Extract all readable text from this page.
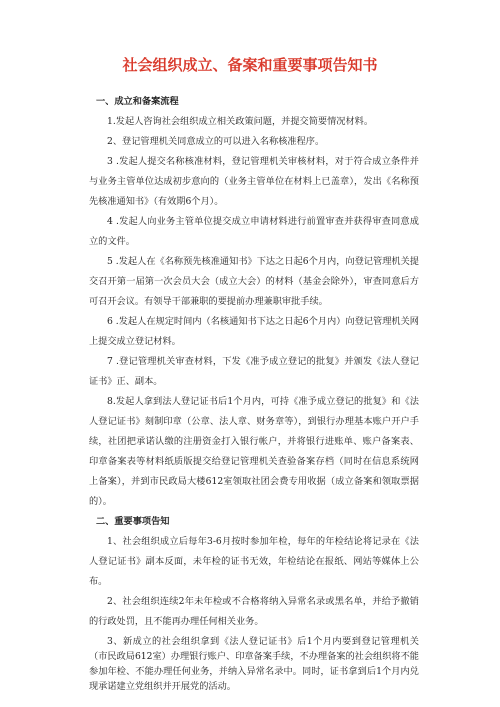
社会组织成立、备案和重要事项告知书
一、成立和备案流程

1.发起人咨询社会组织成立相关政策问题，并提交简要情况材料。

2、登记管理机关同意成立的可以进入名称核准程序。

3 .发起人提交名称核准材料，登记管理机关审核材料，对于符合成立条件并与业务主管单位达成初步意向的（业务主管单位在材料上已盖章），发出《名称预先核准通知书》（有效期6个月）。

4 .发起人向业务主管单位提交成立申请材料进行前置审查并获得审查同意成立的文件。

5 .发起人在《名称预先核准通知书》下达之日起6个月内，向登记管理机关提交召开第一届第一次会员大会（成立大会）的材料（基金会除外），审查同意后方可召开会议。有领导干部兼职的要提前办理兼职审批手续。

6 .发起人在规定时间内（名核通知书下达之日起6个月内）向登记管理机关网上提交成立登记材料。

7 .登记管理机关审查材料，下发《准予成立登记的批复》并颁发《法人登记证书》正、副本。

8.发起人拿到法人登记证书后1个月内，可持《准予成立登记的批复》和《法人登记证书》刻制印章（公章、法人章、财务章等），到银行办理基本账户开户手续，社团把承诺认缴的注册资金打入银行帐户，并将银行进账单、账户备案表、印章备案表等材料纸质版提交给登记管理机关查验备案存档（同时在信息系统网上备案），并到市民政局大楼612室领取社团会费专用收据（成立备案和领取票据的）。

二、重要事项告知

1、社会组织成立后每年3-6月按时参加年检，每年的年检结论将记录在《法人登记证书》副本反面，未年检的证书无效，年检结论在报纸、网站等媒体上公布。

2、社会组织连续2年未年检或不合格将纳入异常名录或黑名单，并给予撤销的行政处罚，且不能再办理任何相关业务。

3、新成立的社会组织拿到《法人登记证书》后1个月内要到登记管理机关（市民政局612室）办理银行账户、印章备案手续，不办理备案的社会组织将不能参加年检、不能办理任何业务，并纳入异常名录中。同时，证书拿到后1个月内兑现承诺建立党组织并开展党的活动。
